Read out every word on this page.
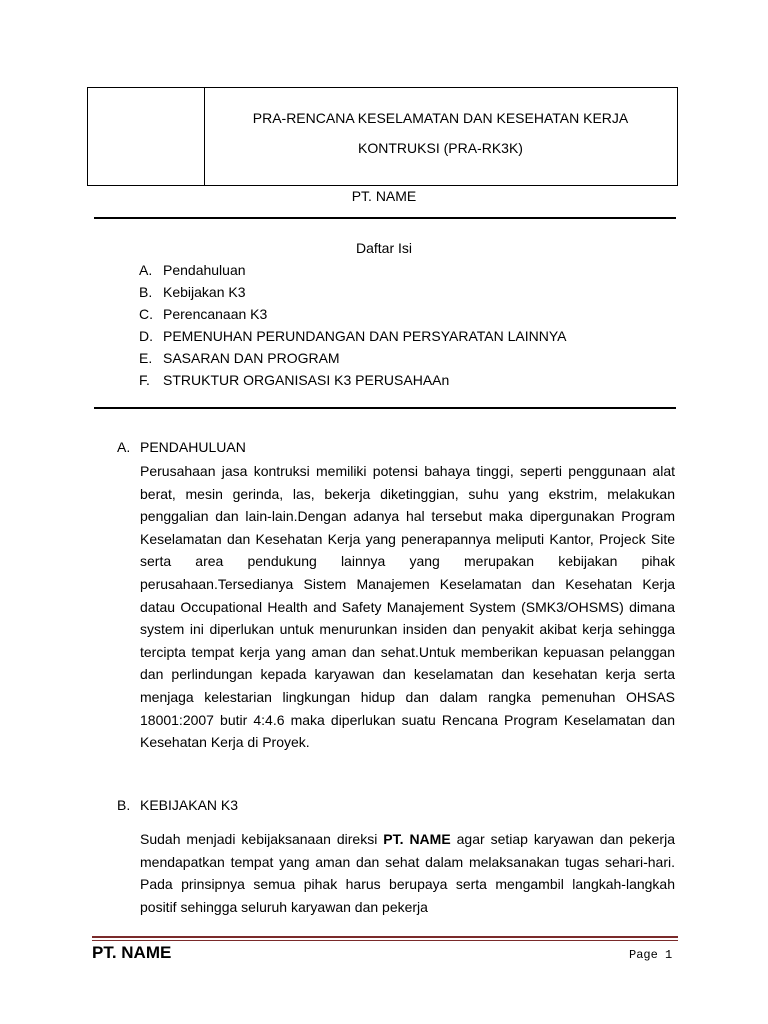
PRA-RENCANA KESELAMATAN DAN KESEHATAN KERJA
KONTRUKSI (PRA-RK3K)
PT. NAME
Daftar Isi
A. Pendahuluan
B. Kebijakan K3
C. Perencanaan K3
D. PEMENUHAN PERUNDANGAN DAN PERSYARATAN LAINNYA
E. SASARAN DAN PROGRAM
F. STRUKTUR ORGANISASI K3 PERUSAHAAn
A. PENDAHULUAN

Perusahaan jasa kontruksi memiliki potensi bahaya tinggi, seperti penggunaan alat berat, mesin gerinda, las, bekerja diketinggian, suhu yang ekstrim, melakukan penggalian dan lain-lain.Dengan adanya hal tersebut maka dipergunakan Program Keselamatan dan Kesehatan Kerja yang penerapannya meliputi Kantor, Projeck Site serta area pendukung lainnya yang merupakan kebijakan pihak perusahaan.Tersedianya Sistem Manajemen Keselamatan dan Kesehatan Kerja datau Occupational Health and Safety Manajement System (SMK3/OHSMS) dimana system ini diperlukan untuk menurunkan insiden dan penyakit akibat kerja sehingga tercipta tempat kerja yang aman dan sehat.Untuk memberikan kepuasan pelanggan dan perlindungan kepada karyawan dan keselamatan dan kesehatan kerja serta menjaga kelestarian lingkungan hidup dan dalam rangka pemenuhan OHSAS 18001:2007 butir 4:4.6 maka diperlukan suatu Rencana Program Keselamatan dan Kesehatan Kerja di Proyek.

B. KEBIJAKAN K3

Sudah menjadi kebijaksanaan direksi PT. NAME agar setiap karyawan dan pekerja mendapatkan tempat yang aman dan sehat dalam melaksanakan tugas sehari-hari. Pada prinsipnya semua pihak harus berupaya serta mengambil langkah-langkah positif sehingga seluruh karyawan dan pekerja

PT. NAME	Page 1
